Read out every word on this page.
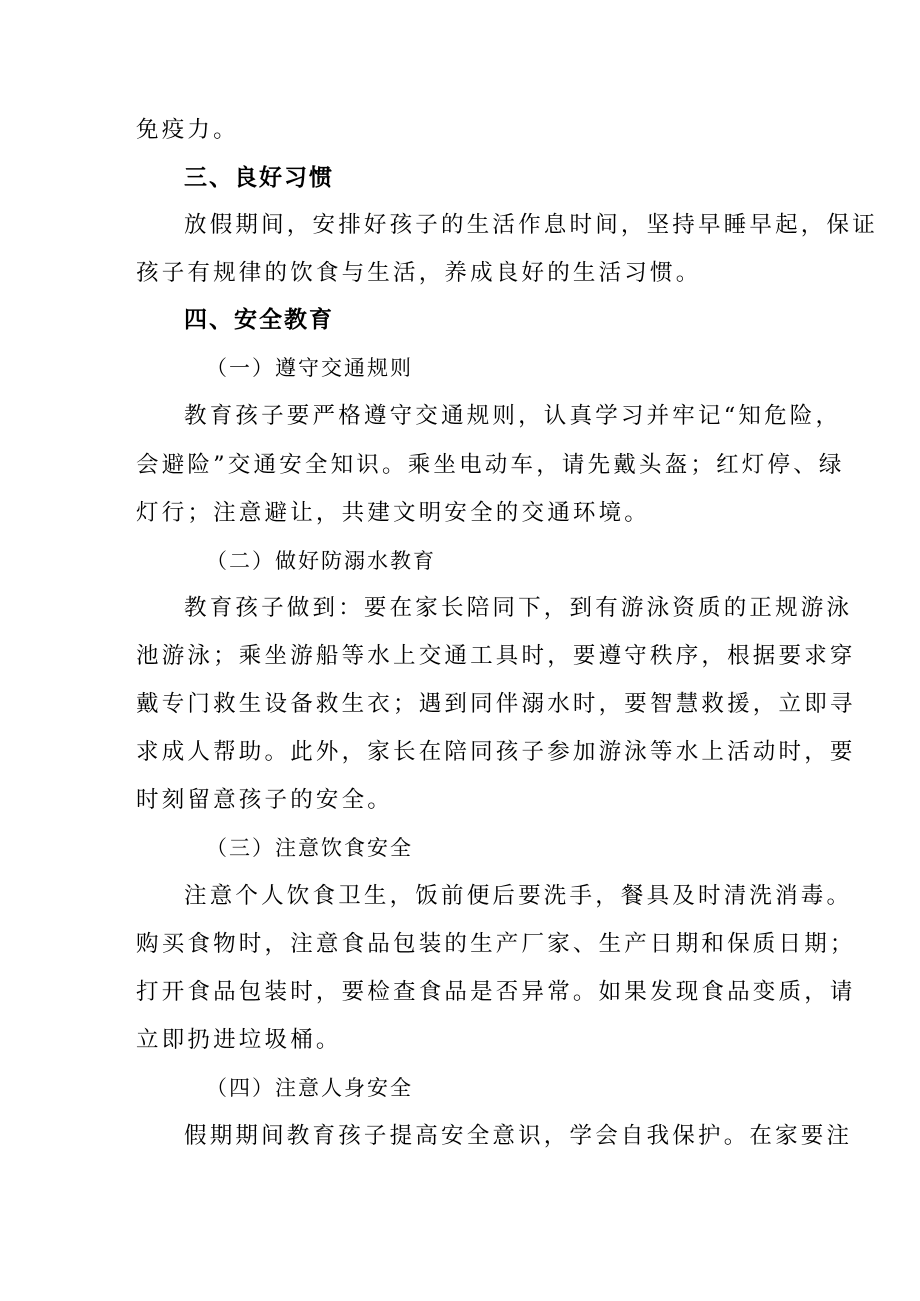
免疫力。
三、良好习惯
放假期间，安排好孩子的生活作息时间，坚持早睡早起，保证
孩子有规律的饮食与生活，养成良好的生活习惯。
四、安全教育
（一）遵守交通规则
教育孩子要严格遵守交通规则，认真学习并牢记“知危险，
会避险”交通安全知识。乘坐电动车，请先戴头盔；红灯停、绿
灯行；注意避让，共建文明安全的交通环境。
（二）做好防溺水教育
教育孩子做到：要在家长陪同下，到有游泳资质的正规游泳
池游泳；乘坐游船等水上交通工具时，要遵守秩序，根据要求穿
戴专门救生设备救生衣；遇到同伴溺水时，要智慧救援，立即寻
求成人帮助。此外，家长在陪同孩子参加游泳等水上活动时，要
时刻留意孩子的安全。
（三）注意饮食安全
注意个人饮食卫生，饭前便后要洗手，餐具及时清洗消毒。
购买食物时，注意食品包装的生产厂家、生产日期和保质日期；
打开食品包装时，要检查食品是否异常。如果发现食品变质，请
立即扔进垃圾桶。
（四）注意人身安全
假期期间教育孩子提高安全意识，学会自我保护。在家要注
